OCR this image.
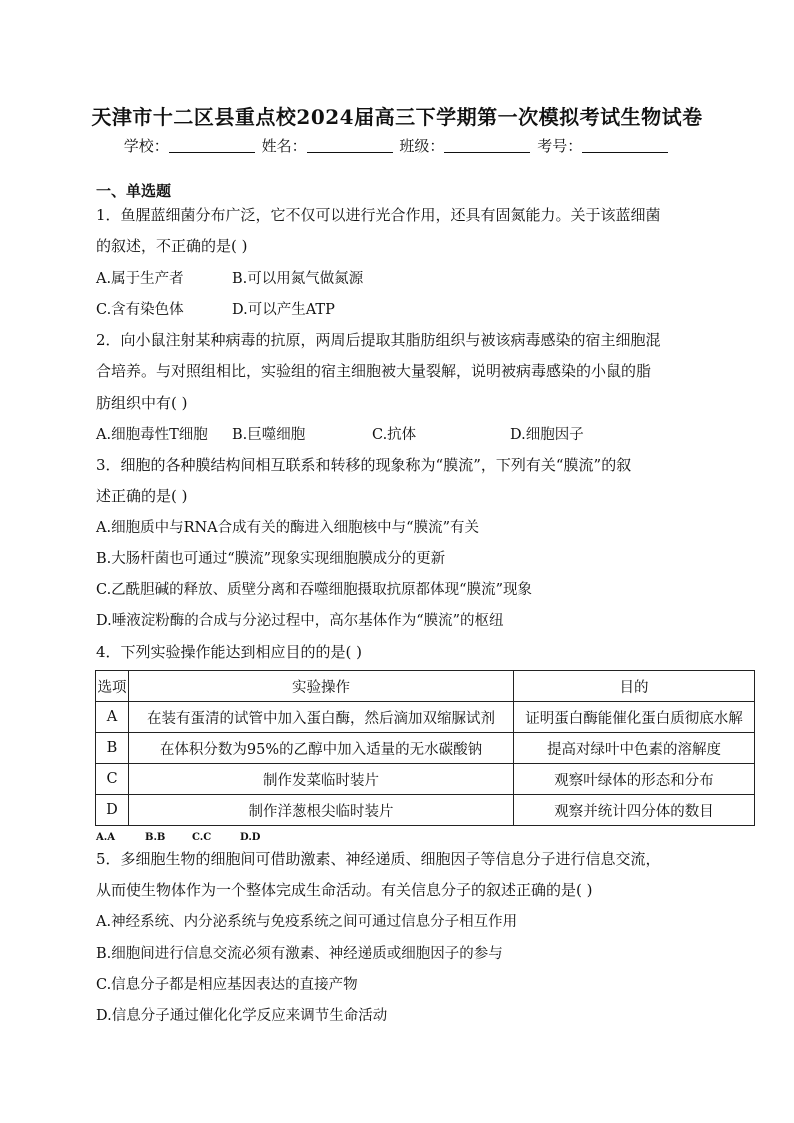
天津市十二区县重点校2024届高三下学期第一次模拟考试生物试卷
学校：	姓名：	班级：	考号：
一、单选题
1．鱼腥蓝细菌分布广泛，它不仅可以进行光合作用，还具有固氮能力。关于该蓝细菌
的叙述，不正确的是( )
A.属于生产者	B.可以用氮气做氮源
C.含有染色体	D.可以产生ATP
2．向小鼠注射某种病毒的抗原，两周后提取其脂肪组织与被该病毒感染的宿主细胞混
合培养。与对照组相比，实验组的宿主细胞被大量裂解，说明被病毒感染的小鼠的脂
肪组织中有( )
A.细胞毒性T细胞 B.巨噬细胞	C.抗体	D.细胞因子
3．细胞的各种膜结构间相互联系和转移的现象称为“膜流”，下列有关“膜流”的叙
述正确的是( )
A.细胞质中与RNA合成有关的酶进入细胞核中与“膜流”有关
B.大肠杆菌也可通过“膜流”现象实现细胞膜成分的更新
C.乙酰胆碱的释放、质壁分离和吞噬细胞摄取抗原都体现“膜流”现象
D.唾液淀粉酶的合成与分泌过程中，高尔基体作为“膜流”的枢纽
4．下列实验操作能达到相应目的的是( )
选项	实验操作	目的
A	在装有蛋清的试管中加入蛋白酶，然后滴加双缩脲试剂	证明蛋白酶能催化蛋白质彻底水解
B	在体积分数为95%的乙醇中加入适量的无水碳酸钠	提高对绿叶中色素的溶解度
C	制作发菜临时装片	观察叶绿体的形态和分布
D	制作洋葱根尖临时装片	观察并统计四分体的数目
A.A	B.B	C.C	D.D
5．多细胞生物的细胞间可借助激素、神经递质、细胞因子等信息分子进行信息交流，
从而使生物体作为一个整体完成生命活动。有关信息分子的叙述正确的是( )
A.神经系统、内分泌系统与免疫系统之间可通过信息分子相互作用
B.细胞间进行信息交流必须有激素、神经递质或细胞因子的参与
C.信息分子都是相应基因表达的直接产物
D.信息分子通过催化化学反应来调节生命活动
